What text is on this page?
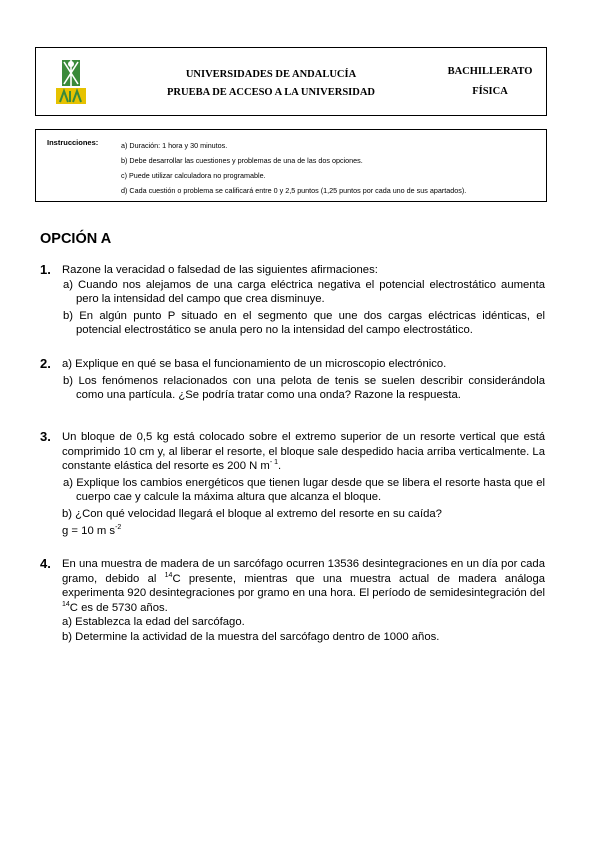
UNIVERSIDADES DE ANDALUCÍA
PRUEBA DE ACCESO A LA UNIVERSIDAD
BACHILLERATO
FÍSICA
Instrucciones:	a) Duración: 1 hora y 30 minutos.
b) Debe desarrollar las cuestiones y problemas de una de las dos opciones.
c) Puede utilizar calculadora no programable.
d) Cada cuestión o problema se calificará entre 0 y 2,5 puntos (1,25 puntos por cada uno de sus apartados).
OPCIÓN A
1. Razone la veracidad o falsedad de las siguientes afirmaciones:

a) Cuando nos alejamos de una carga eléctrica negativa el potencial electrostático aumenta pero la intensidad del campo que crea disminuye.

b) En algún punto P situado en el segmento que une dos cargas eléctricas idénticas, el potencial electrostático se anula pero no la intensidad del campo electrostático.

2. a) Explique en qué se basa el funcionamiento de un microscopio electrónico.

b) Los fenómenos relacionados con una pelota de tenis se suelen describir considerándola como una partícula. ¿Se podría tratar como una onda? Razone la respuesta.

3. Un bloque de 0,5 kg está colocado sobre el extremo superior de un resorte vertical que está comprimido 10 cm y, al liberar el resorte, el bloque sale despedido hacia arriba verticalmente. La constante elástica del resorte es 200 N $m^{- 1}$.

a) Explique los cambios energéticos que tienen lugar desde que se libera el resorte hasta que el cuerpo cae y calcule la máxima altura que alcanza el bloque.

b) ¿Con qué velocidad llegará el bloque al extremo del resorte en su caída?

g = 10 m $s^{-2}$

4. En una muestra de madera de un sarcófago ocurren 13536 desintegraciones en un día por cada gramo, debido al $^{14}$C presente, mientras que una muestra actual de madera análoga experimenta 920 desintegraciones por gramo en una hora. El período de semidesintegración del $^{14}$C es de 5730 años.

a) Establezca la edad del sarcófago.

b) Determine la actividad de la muestra del sarcófago dentro de 1000 años.
